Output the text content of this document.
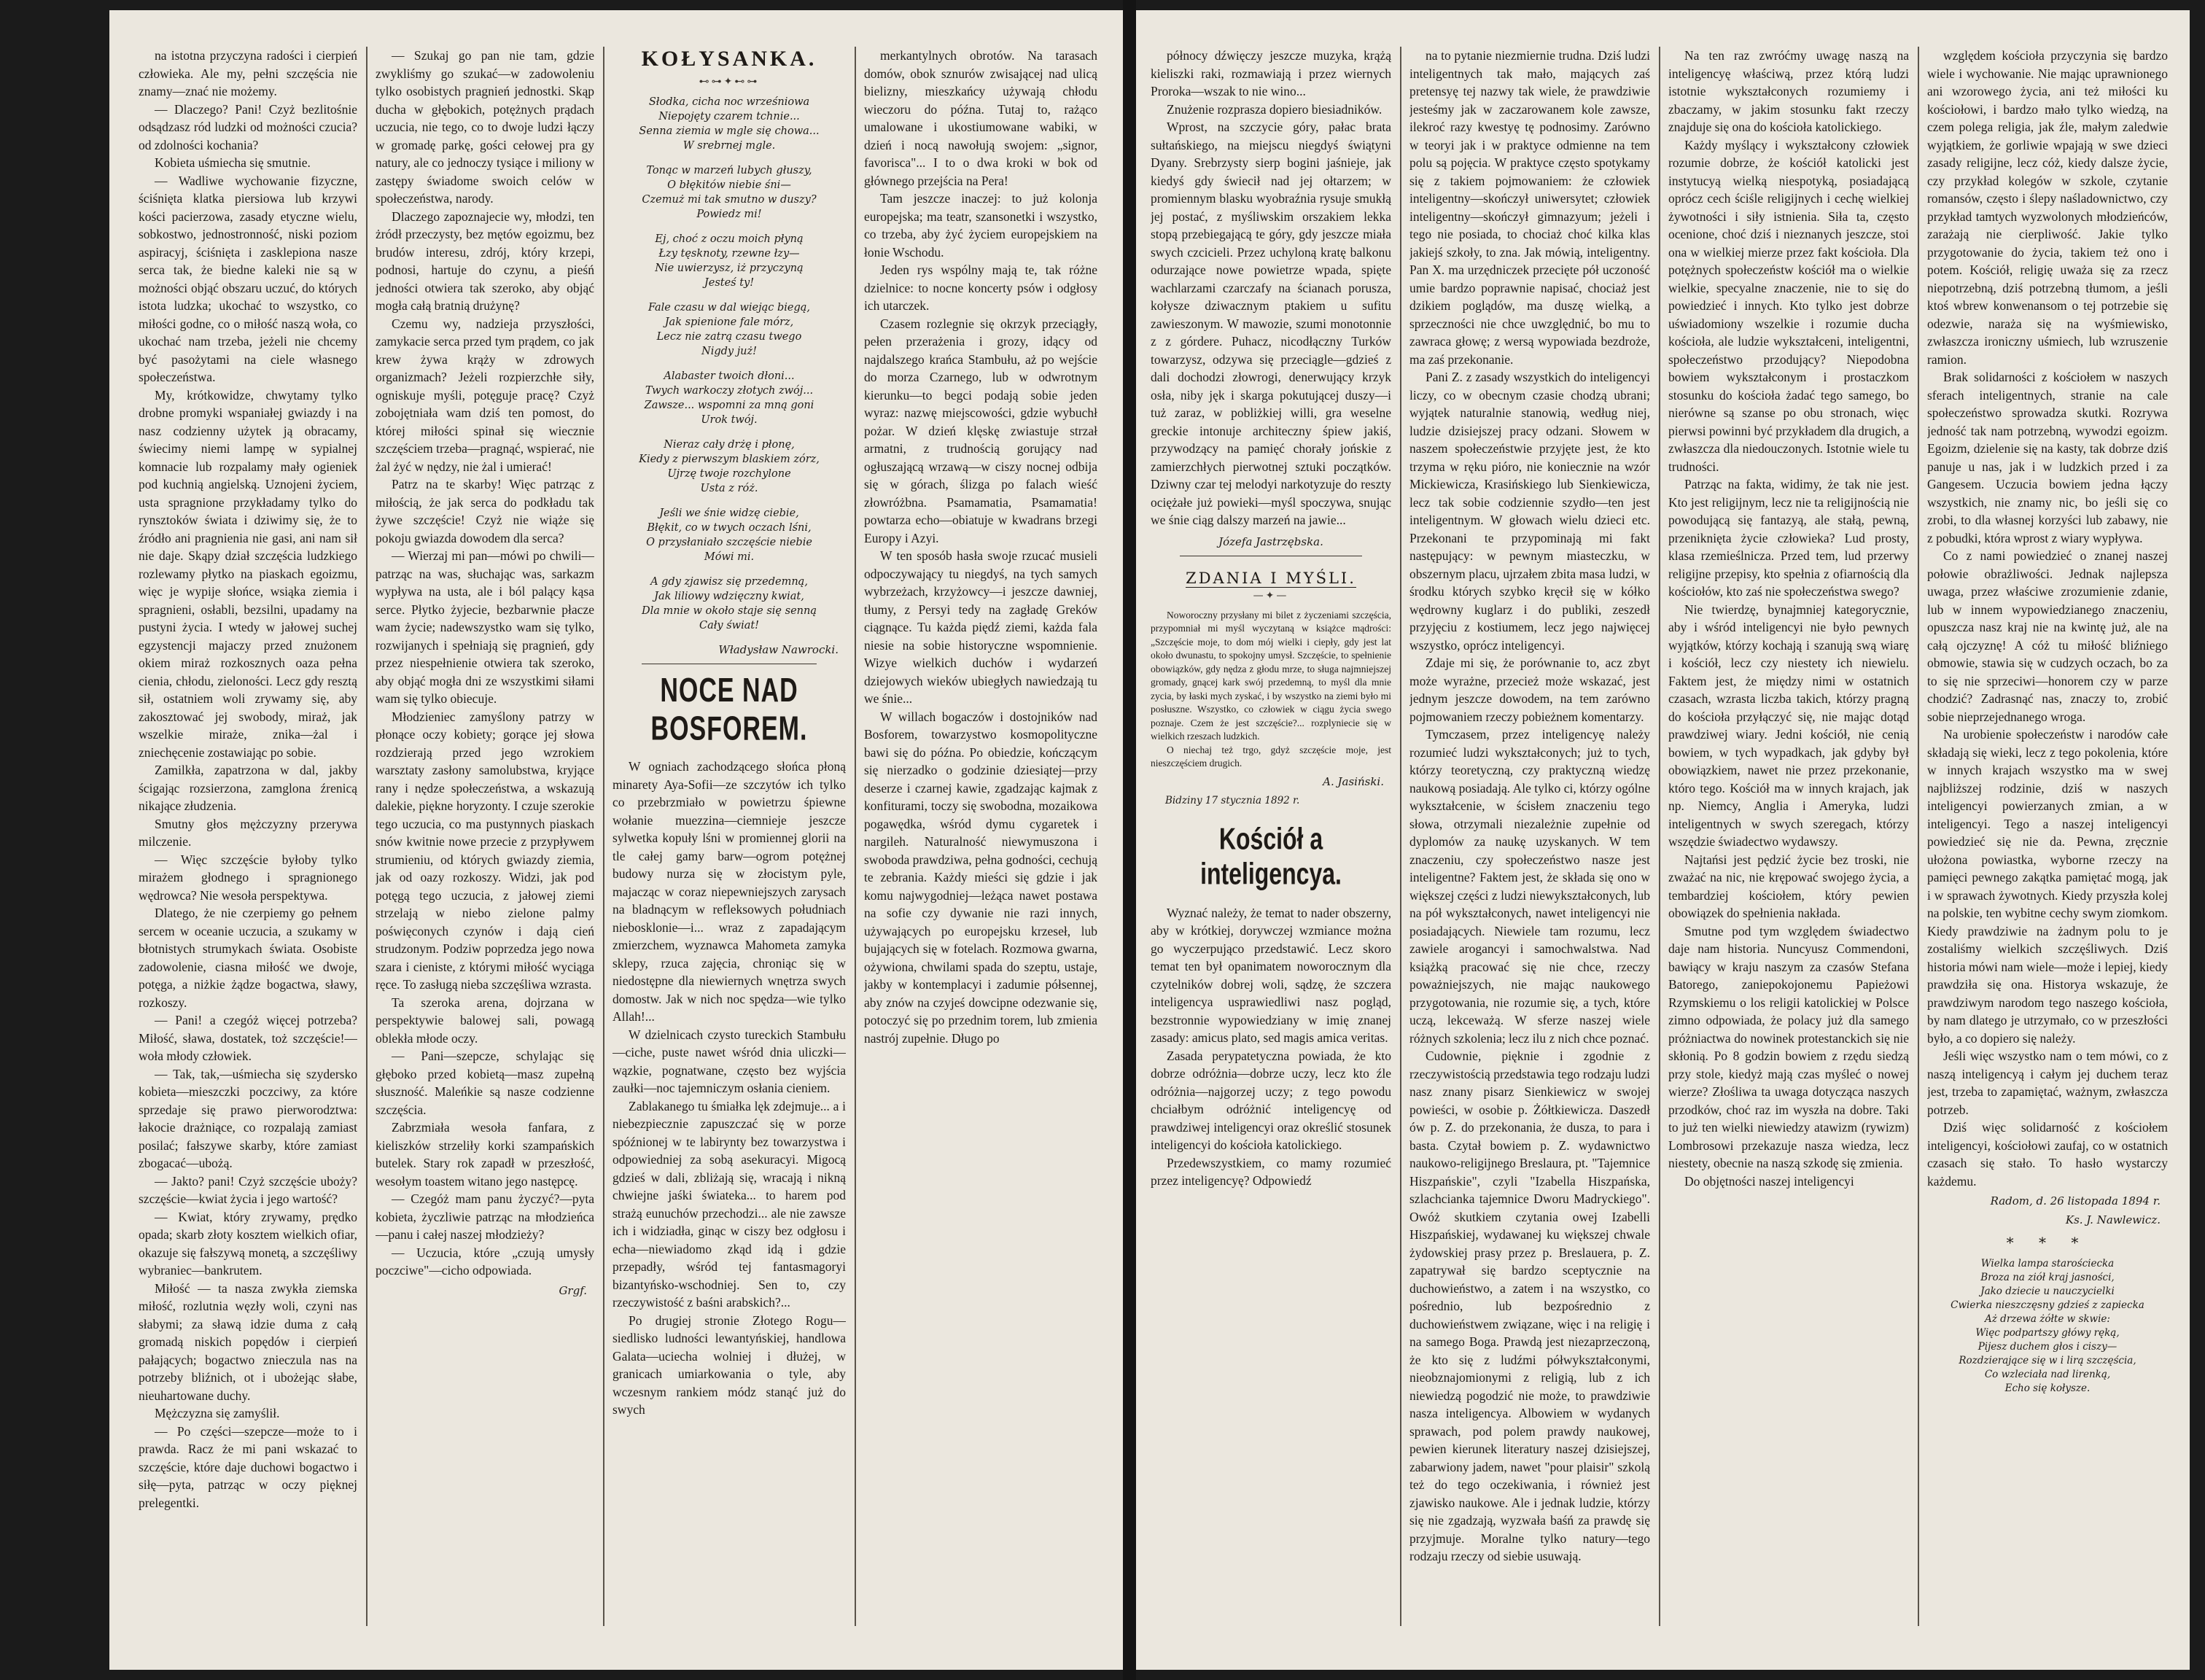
na istotna przyczyna radości i cierpień człowieka. Ale my, pełni szczęścia nie znamy—znać nie możemy.

— Dlaczego? Pani! Czyż bezlitośnie odsądzasz ród ludzki od możności czucia? od zdolności kochania?

Kobieta uśmiecha się smutnie.

— Wadliwe wychowanie fizyczne, ściśnięta klatka piersiowa lub krzywi kości pacierzowa, zasady etyczne wielu, sobkostwo, jednostronność, niski poziom aspiracyj, ściśnięta i zasklepiona nasze serca tak, że biedne kaleki nie są w możności objąć obszaru uczuć, do których istota ludzka; ukochać to wszystko, co miłości godne, co o miłość naszą woła, co ukochać nam trzeba, jeżeli nie chcemy być pasożytami na cielе własnego społeczeństwa.

My, krótkowidze, chwytamy tylko drobne promyki wspaniałej gwiazdy i na nasz codzienny użytek ją obracamy, świecimy niemi lampę w sypialnej komnacie lub rozpalamy mały ogieniek pod kuchnią angielską. Uznojeni życiem, usta spragnione przykładamy tylko do rynsztoków świata i dziwimy się, że to źródło ani pragnienia nie gasi, ani nam sił nie daje. Skąpy dział szczęścia ludzkiego rozlewamy płytko na piaskach egoizmu, więc je wypije słońce, wsiąka ziemia i spragnieni, osłabli, bezsilni, upadamy na pustyni życia. I wtedy w jałowej suchej egzystencji majaczy przed znużonem okiem miraż rozkosznych oaza pełna cienia, chłodu, zieloności. Lecz gdy resztą sił, ostatniem woli zrywamy się, aby zakosztować jej swobody, miraż, jak wszelkie miraże, znika—żal i zniechęcenie zostawiając po sobie.

Zamilkła, zapatrzona w dal, jakby ścigając rozsierzona, zamglona źrenicą nikające złudzenia.

Smutny głos mężczyzny przerywa milczenie.

— Więc szczęście byłoby tylko mirażem głodnego i spragnionego wędrowca? Nie wesoła perspektywa.

Dlatego, że nie czerpiemy go pełnem sercem w oceanie uczucia, a szukamy w błotnistych strumykach świata. Osobiste zadowolenie, ciasna miłość we dwoje, potęga, a niżkie żądze bogactwa, sławy, rozkoszy.

— Pani! a czegóż więcej potrzeba? Miłość, sława, dostatek, toż szczęście!—woła młody człowiek.

— Tak, tak,—uśmiecha się szydersko kobieta—mieszczki poczciwy, za które sprzedaje się prawo pierworodztwa: łakocie drażniące, co rozpalają zamiast posilać; fałszywe skarby, które zamiast zbogacać—ubożą.

— Jakto? pani! Czyż szczęście uboży? szczęście—kwiat życia i jego wartość?

— Kwiat, który zrywamy, prędko opada; skarb złoty kosztem wielkich ofiar, okazuje się fałszywą monetą, a szczęśliwy wybraniec—bankrutem.

Miłość — ta nasza zwykła ziemska miłość, rozlutnia węzły woli, czyni nas słabymi; za sławą idzie duma z całą gromadą niskich popędów i cierpień pałających; bogactwo znieczula nas na potrzeby bliźnich, ot i ubożejąc słabe, nieuhartowane duchy.

Mężczyzna się zamyślił.

— Po części—szepcze—może to i prawda. Racz że mi pani wskazać to szczęście, które daje duchowi bogactwo i siłę—pyta, patrząc w oczy pięknej prelegentki.

— Szukaj go pan nie tam, gdzie zwykliśmy go szukać—w zadowoleniu tylko osobistych pragnień jednostki. Skąp ducha w głębokich, potężnych prądach uczucia, nie tego, co to dwoje ludzi łączy w gromadę parkę, gości cełowej pra gy natury, ale co jednoczy tysiące i miliony w zastępy świadome swoich celów w społeczeństwa, narody.

Dlaczego zapoznajecie wy, młodzi, ten żródł przeczysty, bez mętów egoizmu, bez brudów interesu, zdrój, który krzepi, podnosi, hartuje do czynu, a pieśń jedności otwiera tak szeroko, aby objąć mogła całą bratnią drużynę?

Czemu wy, nadzieja przyszłości, zamykacie serca przed tym prądem, co jak krew żywa krąży w zdrowych organizmach? Jeżeli rozpierzchłe siły, ogniskuje myśli, potęguje pracę? Czyż zobojętniała wam dziś ten pomost, do której miłości spinał się wiecznie szczęściem trzeba—pragnąć, wspierać, nie żal żyć w nędzy, nie żal i umierać!

Patrz na te skarby! Więc patrząc z miłością, że jak serca do podkładu tak żywe szczęście! Czyż nie wiąże się pokoju gwiazda dowodem dla serca?

— Wierzaj mi pan—mówi po chwili—patrząc na was, słuchając was, sarkazm wypływa na usta, ale i ból palący kąsa serce. Płytko żyjecie, bezbarwnie płacze wam życie; nadewszystko wam się tylko, rozwijanych i spełniają się pragnień, gdy przez niespełnienie otwiera tak szeroko, aby objąć mogła dni ze wszystkimi siłami wam się tylko obiecuje.

Młodzieniec zamyślony patrzy w płonące oczy kobiety; gorące jej słowa rozdzierają przed jego wzrokiem warsztaty zasłony samolubstwa, kryjące rany i nędze społeczeństwa, a wskazują dalekie, piękne horyzonty. I czuje szerokie tego uczucia, co ma pustynnych piaskach snów kwitnie nowe przecie z przypływem strumieniu, od których gwiazdy ziemia, jak od oazy rozkoszy. Widzi, jak pod potęgą tego uczucia, z jałowej ziemi strzelają w niebo zielone palmy poświęconych czynów i dają cień strudzonym. Podziw poprzedza jego nowa szara i cieniste, z którymi miłość wyciąga ręce. To zasługą nieba szczęśliwa wzrasta.

Ta szeroka arena, dojrzana w perspektywie balowej sali, powagą oblekła młode oczy.

— Pani—szepcze, schylając się głęboko przed kobietą—masz zupełną słuszność. Maleńkie są nasze codzienne szczęścia.

Zabrzmiała wesoła fanfara, z kieliszków strzeliły korki szampańskich butelek. Stary rok zapadł w przeszłość, wesołym toastem witano jego następcę.

— Czegóż mam panu życzyć?—pyta kobieta, życzliwie patrząc na młodzieńca—panu i całej naszej młodzieży?

— Uczucia, które „czują umysły poczciwe"—cicho odpowiada.

Grgf.
KOŁYSANKA.
⊷⊶✦⊷⊶
Słodka, cicha noc wrześniowa
Niepojęty czarem tchnie...
Senna ziemia w mgle się chowa...
W srebrnej mgle.
Tonąc w marzeń lubych głuszy,
O błękitów niebie śni—
Czemuż mi tak smutno w duszy?
Powiedz mi!
Ej, choć z oczu moich płyną
Łzy tęsknoty, rzewne łzy—
Nie uwierzysz, iż przyczyną
Jesteś ty!
Fale czasu w dal wiejąc biegą,
Jak spienione fale mórz,
Lecz nie zatrą czasu twego
Nigdy już!
Alabaster twoich dłoni...
Twych warkoczy złotych zwój...
Zawsze... wspomni za mną goni
Urok twój.
Nieraz cały drżę i płonę,
Kiedy z pierwszym blaskiem zórz,
Ujrzę twoje rozchylone
Usta z róż.
Jeśli we śnie widzę ciebie,
Błękit, co w twych oczach lśni,
O przysłaniało szczęście niebie
Mówi mi.
A gdy zjawisz się przedemną,
Jak liliowy wdzięczny kwiat,
Dla mnie w około staje się senną
Cały świat!
Władysław Nawrocki.
NOCE NAD BOSFOREM.

W ogniach zachodzącego słońca płoną minarety Aya-Sofii—ze szczytów ich tylko co przebrzmiało w powietrzu śpiewne wołanie muezzina—ciemnieje jeszcze sylwetka kopuły lśni w promiennej glorii na tle całej gamy barw—ogrom potężnej budowy nurza się w złocistym pyle, majacząc w coraz niepewniejszych zarysach na bladnącym w refleksowych południach niebosklonie—i... wraz z zapadającym zmierzchem, wyznawca Mahometa zamyka sklepy, rzuca zajęcia, chroniąc się w niedostępne dla niewiernych wnętrza swych domostw. Jak w nich noc spędza—wie tylko Allah!...

W dzielnicach czysto tureckich Stambułu—ciche, puste nawet wśród dnia uliczki—wązkie, pognatwane, często bez wyjścia zaułki—noc tajemniczym osłania cieniem.

Zablakanego tu śmiałka lęk zdejmuje... a i niebezpiecznie zapuszczać się w porze spóźnionej w te labirynty bez towarzystwa i odpowiedniej za sobą asekuracyi. Migocą gdzieś w dali, zbliżają się, wracają i nikną chwiejne jaśki świateka... to harem pod strażą eunuchów przechodzi... ale nie zawsze ich i widziadła, ginąc w ciszy bez odgłosu i echa—niewiadomo zkąd idą i gdzie przepadły, wśród tej fantasmagoryi bizantyńsko-wschodniej. Sen to, czy rzeczywistość z baśni arabskich?...

Po drugiej stronie Złotego Rogu—siedlisko ludności lewantyńskiej, handlowa Galata—uciecha wolniej i dłużej, w granicach umiarkowania o tyle, aby wczesnym rankiem módz stanąć już do swych

merkantylnych obrotów. Na tarasach domów, obok sznurów zwisającej nad ulicą bielizny, mieszkańcy używają chłodu wieczoru do późna. Tutaj to, rażąco umalowane i ukostiumowane wabiki, w dzień i nocą nawołują swojem: „signor, favorisca"... I to o dwa kroki w bok od głównego przejścia na Pera!

Tam jeszcze inaczej: to już kolonja europejska; ma teatr, szansonetki i wszystko, co trzeba, aby żyć życiem europejskiem na łonie Wschodu.

Jeden rys wspólny mają te, tak różne dzielnice: to nocne koncerty psów i odgłosy ich utarczek.

Czasem rozlegnie się okrzyk przeciągły, pełen przerażenia i grozy, idący od najdalszego krańca Stambułu, aż po wejście do morza Czarnego, lub w odwrotnym kierunku—to begci podają sobie jeden wyraz: nazwę miejscowości, gdzie wybuchł pożar. W dzień klęskę zwiastuje strzał armatni, z trudnością gorujący nad ogłuszającą wrzawą—w ciszy nocnej odbija się w górach, ślizga po falach wieść złowróżbna. Psamamatia, Psamamatia! powtarza echo—obiatuje w kwadrans brzegi Europy i Azyi.

W ten sposób hasła swoje rzucać musieli odpoczywający tu niegdyś, na tych samych wybrzeżach, krzyżowcy—i jeszcze dawniej, tłumy, z Persyi tedy na zagładę Greków ciągnące. Tu każda piędź ziemi, każda fala niesie na sobie historyczne wspomnienie. Wizye wielkich duchów i wydarzeń dziejowych wieków ubiegłych nawiedzają tu we śnie...

W willach bogaczów i dostojników nad Bosforem, towarzystwo kosmopolityczne bawi się do późna. Po obiedzie, kończącym się nierzadko o godzinie dziesiątej—przy deserze i czarnej kawie, zgadzając kajmak z konfiturami, toczy się swobodna, mozaikowa pogawędka, wśród dymu cygaretek i nargileh. Naturalność niewymuszona i swoboda prawdziwa, pełna godności, cechują te zebrania. Każdy mieści się gdzie i jak komu najwygodniej—leżąca nawet postawa na sofie czy dywanie nie razi innych, używających po europejsku krzeseł, lub bujających się w fotelach. Rozmowa gwarna, ożywiona, chwilami spada do szeptu, ustaje, jakby w kontemplacyi i zadumie półsennej, aby znów na czyjeś dowcipne odezwanie się, potoczyć się po przednim torem, lub zmienia nastrój zupełnie. Długo po

północy dźwięczy jeszcze muzyka, krążą kieliszki raki, rozmawiają i przez wiernych Proroka—wszak to nie wino...

Znużenie rozprasza dopiero biesiadników.

Wprost, na szczycie góry, pałac brata sułtańskiego, na miejscu niegdyś świątyni Dyany. Srebrzysty sierp bogini jaśnieje, jak kiedyś gdy świecił nad jej ołtarzem; w promiennym blasku wyobraźnia rysuje smukłą jej postać, z myśliwskim orszakiem lekka stopą przebiegającą te góry, gdy jeszcze miała swych czcicieli. Przez uchyloną kratę balkonu odurzające nowe powietrze wpada, spięte wachlarzami czarczafy na ścianach porusza, kołysze dziwacznym ptakiem u sufitu zawieszonym. W mawozie, szumi monotonnie z z górdere. Puhacz, nicodłączny Turków towarzysz, odzywa się przeciągle—gdzieś z dali dochodzi złowrogi, denerwujący krzyk osła, niby jęk i skarga pokutującej duszy—i tuż zaraz, w pobliżkiej willi, gra weselne greckie intonuje architeczny śpiew jakiś, przywodzący na pamięć chorały jońskie z zamierzchłych pierwotnej sztuki początków. Dziwny czar tej melodyi narkotyzuje do reszty ociężałe już powieki—myśl spoczywa, snując we śnie ciąg dalszy marzeń na jawie...

Józefa Jastrzębska.
ZDANIA I MYŚLI.
—✦—

Noworoczny przysłany mi bilet z życzeniami szczęścia, przypomniał mi myśl wyczytaną w książce mądrości: „Szczęście moje, to dom mój wielki i ciepły, gdy jest lat około dwunastu, to spokojny umysł. Szczęście, to spełnienie obowiązków, gdy nędza z głodu mrze, to sługa najmniejszej gromady, gnącej kark swój przedemną, to myśl dla mnie zycia, by łaski mych zyskać, i by wszystko na ziemi było mi posłuszne. Wszystko, co człowiek w ciągu życia swego poznaje. Czem że jest szczęście?... rozplyniecie się w wielkich rzeszach ludzkich.

O niechaj też trgo, gdyż szczęście moje, jest nieszczęściem drugich.

A. Jasiński.
Bidziny 17 stycznia 1892 r.
Kościół a inteligencya.

Wyznać należy, że temat to nader obszerny, aby w krótkiej, dorywczej wzmiance można go wyczerpująco przedstawić. Lecz skoro temat ten był opanimatem noworocznym dla czytelników dobrej woli, sądzę, że szczera inteligencya usprawiedliwi nasz pogląd, bezstronnie wypowiedziany w imię znanej zasady: amicus plato, sed magis amica veritas.

Zasada perypatetyczna powiada, że kto dobrze odróżnia—dobrze uczy, lecz kto źle odróżnia—najgorzej uczy; z tego powodu chciałbym odróżnić inteligencyę od prawdziwej inteligencyi oraz określić stosunek inteligencyi do kościoła katolickiego.

Przedewszystkiem, co mamy rozumieć przez inteligencyę? Odpowiedź

na to pytanie niezmiernie trudna. Dziś ludzi inteligentnych tak mało, mających zaś pretensyę tej nazwy tak wiele, że prawdziwie jesteśmy jak w zaczarowanem kole zawsze, ilekroć razy kwestyę tę podnosimy. Zarówno w teoryi jak i w praktyce odmienne na tem polu są pojęcia. W praktyce często spotykamy się z takiem pojmowaniem: że człowiek inteligentny—skończył uniwersytet; człowiek inteligentny—skończył gimnazyum; jeżeli i tego nie posiada, to chociaż choć kilka klas jakiejś szkoły, to zna. Jak mówią, inteligentny. Pan X. ma urzędniczek przecięte pół uczoność umie bardzo poprawnie napisać, chociaż jest dzikiem poglądów, ma duszę wielką, a sprzeczności nie chce uwzględnić, bo mu to zawraca głowę; z wersą wypowiada bezdroże, ma zaś przekonanie.

Pani Z. z zasady wszystkich do inteligencyi liczy, co w obecnym czasie chodzą ubrani; wyjątek naturalnie stanowią, według niej, ludzie dzisiejszej pracy odzani. Słowem w naszem społeczeństwie przyjęte jest, że kto trzyma w ręku pióro, nie koniecznie na wzór Mickiewicza, Krasińskiego lub Sienkiewicza, lecz tak sobie codziennie szydło—ten jest inteligentnym. W głowach wielu dzieci etc. Przekonani te przypominają mi fakt następujący: w pewnym miasteczku, w obszernym placu, ujrzałem zbita masa ludzi, w środku których szybko kręcił się w kółko wędrowny kuglarz i do publiki, zeszedł przyjęciu z kostiumem, lecz jego najwięcej wszystko, oprócz inteligencyi.

Zdaje mi się, że porównanie to, acz zbyt może wyrażne, przecież może wskazać, jest jednym jeszcze dowodem, na tem zarówno pojmowaniem rzeczy pobieżnem komentarzy.

Tymczasem, przez inteligencyę należy rozumieć ludzi wykształconych; już to tych, którzy teoretyczną, czy praktyczną wiedzę naukową posiadają. Ale tylko ci, którzy ogólne wykształcenie, w ścisłem znaczeniu tego słowa, otrzymali niezależnie zupełnie od dyplomów za naukę uzyskanych. W tem znaczeniu, czy społeczeństwo nasze jest inteligentne? Faktem jest, że składa się ono w większej części z ludzi niewykształconych, lub na pół wykształconych, nawet inteligencyi nie posiadających. Niewiele tam rozumu, lecz zawiele arogancyi i samochwalstwa. Nad książką pracować się nie chce, rzeczy poważniejszych, nie mając naukowego przygotowania, nie rozumie się, a tych, które uczą, lekceważą. W sferze naszej wiele różnych szkolenia; lecz ilu z nich chce poznać.

Cudownie, pięknie i zgodnie z rzeczywistością przedstawia tego rodzaju ludzi nasz znany pisarz Sienkiewicz w swojej powieści, w osobie p. Żółtkiewicza. Daszedł ów p. Z. do przekonania, że dusza, to para i basta. Czytał bowiem p. Z. wydawnictwo naukowo-religijnego Breslaura, pt. "Tajemnice Hiszpańskie", czyli "Izabella Hiszpańska, szlachcianka tajemnice Dworu Madryckiego". Owóż skutkiem czytania owej Izabelli Hiszpańskiej, wydawanej ku większej chwale żydowskiej prasy przez p. Breslauera, p. Z. zapatrywał się bardzo sceptycznie na duchowieństwo, a zatem i na wszystko, co pośrednio, lub bezpośrednio z duchowieństwem związane, więc i na religię i na samego Boga. Prawdą jest niezaprzeczoną, że kto się z ludźmi półwykształconymi, nieobznajomionymi z religią, lub z ich niewiedzą pogodzić nie może, to prawdziwie nasza inteligencya. Albowiem w wydanych sprawach, pod polem prawdy naukowej, pewien kierunek literatury naszej dzisiejszej, zabarwiony jadem, nawet "pour plaisir" szkolą też do tego oczekiwania, i również jest zjawisko naukowe. Ale i jednak ludzie, którzy się nie zgadzają, wyzwała baśń za prawdę się przyjmuje. Moralne tylko natury—tego rodzaju rzeczy od siebie usuwają.

Na ten raz zwróćmy uwagę naszą na inteligencyę właściwą, przez którą ludzi istotnie wykształconych rozumiemy i zbaczamy, w jakim stosunku fakt rzeczy znajduje się ona do kościoła katolickiego.

Każdy myślący i wykształcony człowiek rozumie dobrze, że kościół katolicki jest instytucyą wielką niespotyką, posiadającą oprócz cech ściśle religijnych i cechę wielkiej żywotności i siły istnienia. Siła ta, często ocenione, choć dziś i nieznanych jeszcze, stoi ona w wielkiej mierze przez fakt kościoła. Dla potężnych społeczeństw kościół ma o wielkie wielkie, specyalne znaczenie, nie to się do powiedzieć i innych. Kto tylko jest dobrze uświadomiony wszelkie i rozumie ducha kościoła, ale ludzie wykształceni, inteligentni, społeczeństwo przodujący? Niepodobna bowiem wykształconym i prostaczkom stosunku do kościoła żadać tego samego, bo nierówne są szanse po obu stronach, więc pierwsi powinni być przykładem dla drugich, a zwłaszcza dla niedouczonych. Istotnie wiele tu trudności.

Patrząc na fakta, widimy, że tak nie jest. Kto jest religijnym, lecz nie ta religijnością nie powodującą się fantazyą, ale stałą, pewną, przeniknięta życie człowieka? Lud prosty, klasa rzemieślnicza. Przed tem, lud przerwy religijne przepisy, kto spełnia z ofiarnością dla kościołów, kto zaś nie społeczeństwa swego?

Nie twierdzę, bynajmniej kategorycznie, aby i wśród inteligencyi nie było pewnych wyjątków, którzy kochają i szanują swą wiarę i kościół, lecz czy niestety ich niewielu. Faktem jest, że między nimi w ostatnich czasach, wzrasta liczba takich, którzy pragną do kościoła przyłączyć się, nie mając dotąd prawdziwej wiary. Jedni kościół, nie cenią bowiem, w tych wypadkach, jak gdyby był obowiązkiem, nawet nie przez przekonanie, któro tego. Kościół ma w innych krajach, jak np. Niemcy, Anglia i Ameryka, ludzi inteligentnych w swych szeregach, którzy wszędzie świadectwo wydawszy.

Najtańsi jest pędzić życie bez troski, nie zważać na nic, nie krępować swojego życia, a tembardziej kościołem, który pewien obowiązek do spełnienia nakłada.

Smutne pod tym względem świadectwo daje nam historia. Nuncyusz Commendoni, bawiący w kraju naszym za czasów Stefana Batorego, zaniepokojonemu Papieżowi Rzymskiemu o los religii katolickiej w Polsce zimno odpowiada, że polacy już dla samego próżniactwa do nowinek protestanckich się nie skłonią. Po 8 godzin bowiem z rzędu siedzą przy stole, kiedyż mają czas myśleć o nowej wierze? Złośliwa ta uwaga dotycząca naszych przodków, choć raz im wyszła na dobre. Taki to już ten wielki niewiedzy atawizm (rywizm) Lombrosowi przekazuje nasza wiedza, lecz niestety, obecnie na naszą szkodę się zmienia.

Do objętności naszej inteligencyi

względem kościoła przyczynia się bardzo wiele i wychowanie. Nie mając uprawnionego ani wzorowego życia, ani też miłości ku kościołowi, i bardzo mało tylko wiedzą, na czem polega religia, jak źle, małym zaledwie wyjątkiem, że gorliwie wpajają w swe dzieci zasady religijne, lecz cóż, kiedy dalsze życie, czy przykład kolegów w szkole, czytanie romansów, często i ślepy naśladownictwo, czy przykład tamtych wyzwolonych młodzieńców, zarażają nie cierpliwość. Jakie tylko przygotowanie do życia, takiem też ono i potem. Kościół, religię uważa się za rzecz niepotrzebną, dziś potrzebną tłumom, a jeśli ktoś wbrew konwenansom o tej potrzebie się odezwie, naraża się na wyśmiewisko, zwłaszcza ironiczny uśmiech, lub wzruszenie ramion.

Brak solidarności z kościołem w naszych sferach inteligentnych, stranie na cale społeczeństwo sprowadza skutki. Rozrywa jedność tak nam potrzebną, wywodzi egoizm. Egoizm, dzielenie się na kasty, tak dobrze dziś panuje u nas, jak i w ludzkich przed i za Gangesem. Uczucia bowiem jedna łączy wszystkich, nie znamy nic, bo jeśli się co zrobi, to dla własnej korzyści lub zabawy, nie z pobudki, która wprost z wiary wypływa.

Co z nami powiedzieć o znanej naszej połowie obrażliwości. Jednak najlepsza uwaga, przez właściwe zrozumienie zdanie, lub w innem wypowiedzianego znaczeniu, opuszcza nasz kraj nie na kwintę już, ale na całą ojczyznę! A cóż tu miłość bliźniego obmowie, stawia się w cudzych oczach, bo za to się nie sprzeciwi—honorem czy w parze chodzić? Zadrasnąć nas, znaczy to, zrobić sobie nieprzejednanego wroga.

Na urobienie społeczeństw i narodów całe składają się wieki, lecz z tego pokolenia, które w innych krajach wszystko ma w swej najbliższej rodzinie, dziś w naszych inteligencyi powierzanych zmian, a w inteligencyi. Tego a naszej inteligencyi powiedzieć się nie da. Pewna, zręcznie ułożona powiastka, wyborne rzeczy na pamięci pewnego zakątka pamiętać mogą, jak i w sprawach żywotnych. Kiedy przyszła kolej na polskie, ten wybitne cechy swym ziomkom. Kiedy prawdziwie na żadnym polu to je zostaliśmy wielkich szczęśliwych. Dziś historia mówi nam wiele—może i lepiej, kiedy prawdziła się ona. Historya wskazuje, że prawdziwym narodom tego naszego kościoła, by nam dlatego je utrzymało, co w przeszłości było, a co dopiero się należy.

Jeśli więc wszystko nam o tem mówi, co z naszą inteligencyą i całym jej duchem teraz jest, trzeba to zapamiętać, ważnym, zwłaszcza potrzeb.

Dziś więc solidarność z kościołem inteligencyi, kościołowi zaufaj, co w ostatnich czasach się stało. To hasło wystarczy każdemu.

Radom, d. 26 listopada 1894 r.
Ks. J. Nawlewicz.
* * *
Wielka lampa starościecka
Broza na ziół kraj jasności,
Jako dziecie u nauczycielki
Cwierka nieszczęsny gdzieś z zapiecka
Aż drzewa żółte w skwie:
Więc podpartszy główy ręką,
Pijesz duchem głos i ciszy—
Rozdzierające się w i lirą szczęścia,
Co wzleciała nad lirenką,
Echo się kołysze.
